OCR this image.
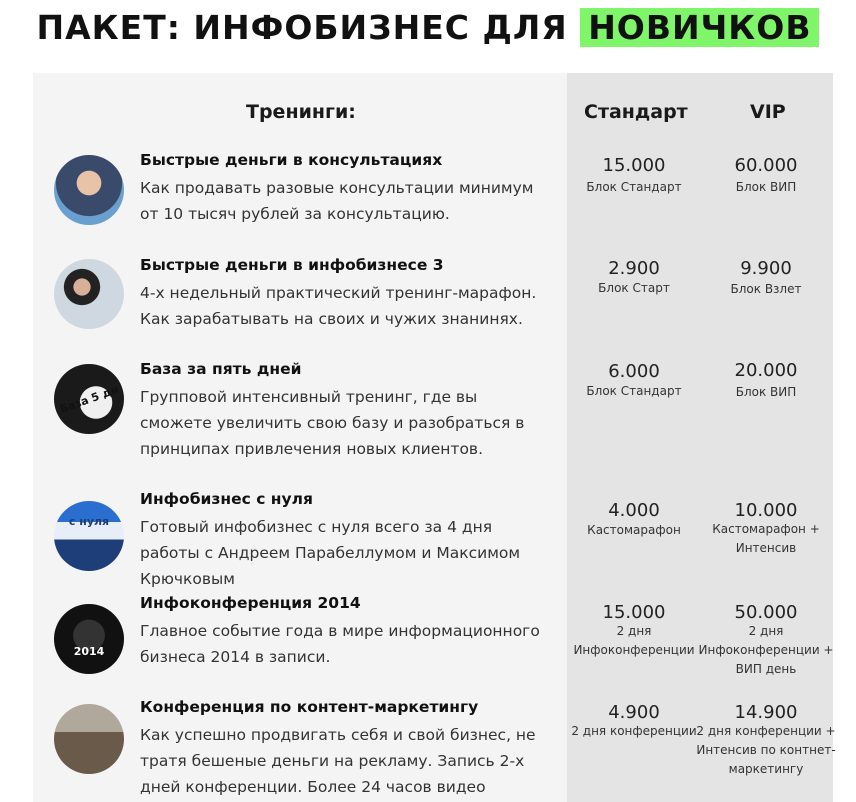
ПАКЕТ: ИНФОБИЗНЕС ДЛЯ НОВИЧКОВ
Тренинги:	Стандарт	VIP
Быстрые деньги в консультациях
Как продавать разовые консультации минимум от 10 тысяч рублей за консультацию.
15.000
Блок Стандарт
60.000
Блок ВИП
Быстрые деньги в инфобизнесе 3
4-х недельный практический тренинг-марафон. Как зарабатывать на своих и чужих знанинях.
2.900
Блок Старт
9.900
Блок Взлет
База 5 дн
База за пять дней
Групповой интенсивный тренинг, где вы сможете увеличить свою базу и разобраться в принципах привлечения новых клиентов.
6.000
Блок Стандарт
20.000
Блок ВИП
с нуля
Инфобизнес с нуля
Готовый инфобизнес с нуля всего за 4 дня работы с Андреем Парабеллумом и Максимом Крючковым
4.000
Кастомарафон
10.000
Кастомарафон + Интенсив
2014
Инфоконференция 2014
Главное событие года в мире информационного бизнеса 2014 в записи.
15.000
2 дня Инфоконференции
50.000
2 дня Инфоконференции + ВИП день
Конференция по контент-маркетингу
Как успешно продвигать себя и свой бизнес, не тратя бешеные деньги на рекламу. Запись 2-х дней конференции. Более 24 часов видео
4.900
2 дня конференции
14.900
2 дня конференции + Интенсив по контнет-маркетингу
